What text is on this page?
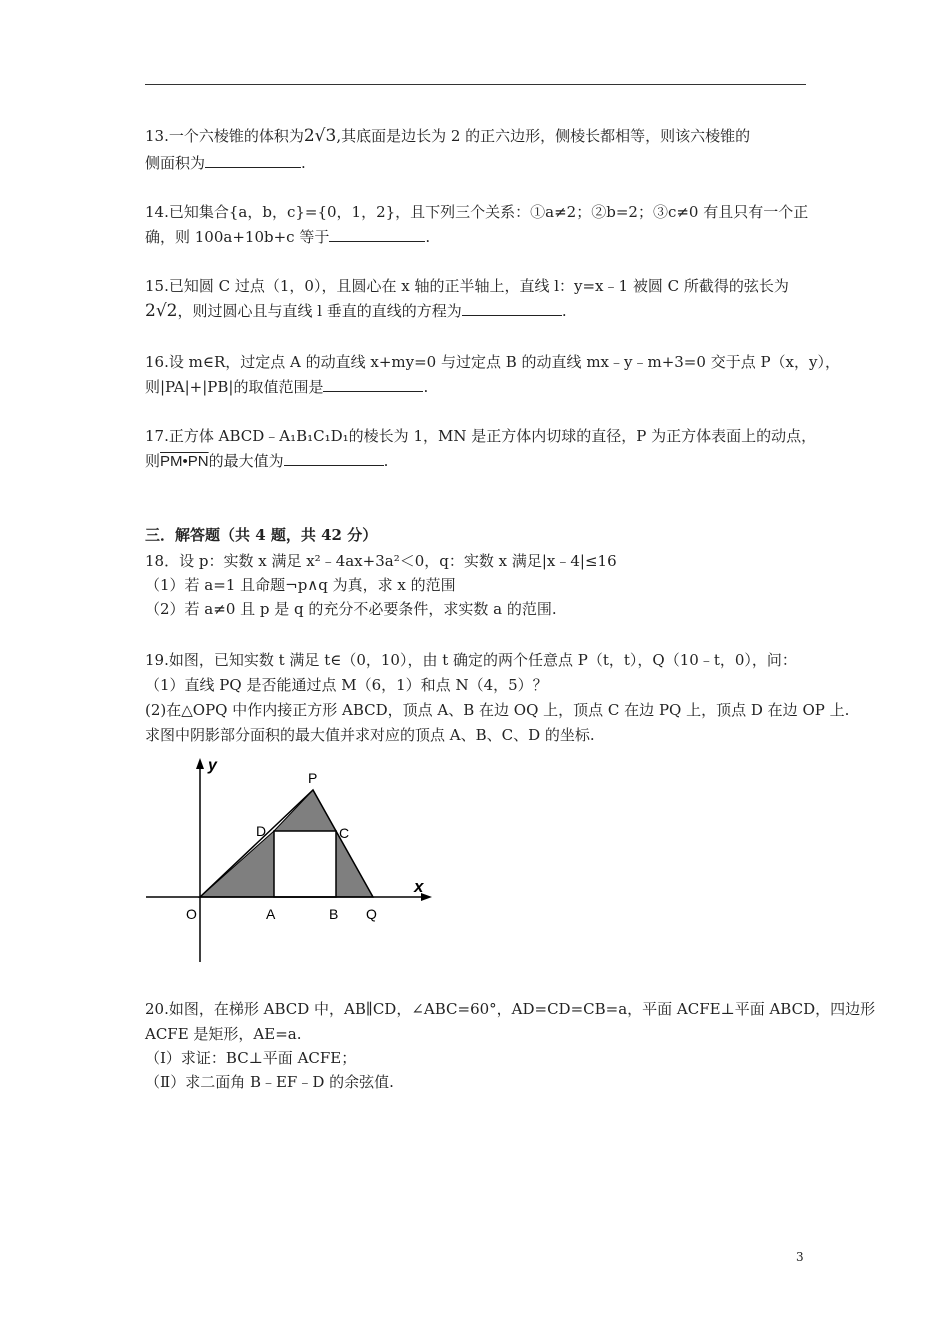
13.一个六棱锥的体积为2√3,其底面是边长为 2 的正六边形，侧棱长都相等，则该六棱锥的
侧面积为	.
14.已知集合{a，b，c}={0，1，2}，且下列三个关系：①a≠2；②b=2；③c≠0 有且只有一个正
确，则 100a+10b+c 等于	.
15.已知圆 C 过点（1，0），且圆心在 x 轴的正半轴上，直线 l：y=x﹣1 被圆 C 所截得的弦长为
2√2，则过圆心且与直线 l 垂直的直线的方程为	.
16.设 m∈R，过定点 A 的动直线 x+my=0 与过定点 B 的动直线 mx﹣y﹣m+3=0 交于点 P（x，y），
则|PA|+|PB|的取值范围是	.
17.正方体 ABCD﹣A₁B₁C₁D₁的棱长为 1，MN 是正方体内切球的直径，P 为正方体表面上的动点，
则PM•PN的最大值为	.
三．解答题（共 4 题，共 42 分）
18．设 p：实数 x 满足 x²﹣4ax+3a²＜0，q：实数 x 满足|x﹣4|≤16
（1）若 a=1 且命题¬p∧q 为真，求 x 的范围
（2）若 a≠0 且 p 是 q 的充分不必要条件，求实数 a 的范围.
19.如图，已知实数 t 满足 t∈（0，10），由 t 确定的两个任意点 P（t，t），Q（10﹣t，0），问：
（1）直线 PQ 是否能通过点 M（6，1）和点 N（4，5）？
(2)在△OPQ 中作内接正方形 ABCD，顶点 A、B 在边 OQ 上，顶点 C 在边 PQ 上，顶点 D 在边 OP 上.
求图中阴影部分面积的最大值并求对应的顶点 A、B、C、D 的坐标.
y
x
O	A	B Q
D	C
P
20.如图，在梯形 ABCD 中，AB∥CD，∠ABC=60°，AD=CD=CB=a，平面 ACFE⊥平面 ABCD，四边形
ACFE 是矩形，AE=a.
（Ⅰ）求证：BC⊥平面 ACFE；
（Ⅱ）求二面角 B﹣EF﹣D 的余弦值.
3
